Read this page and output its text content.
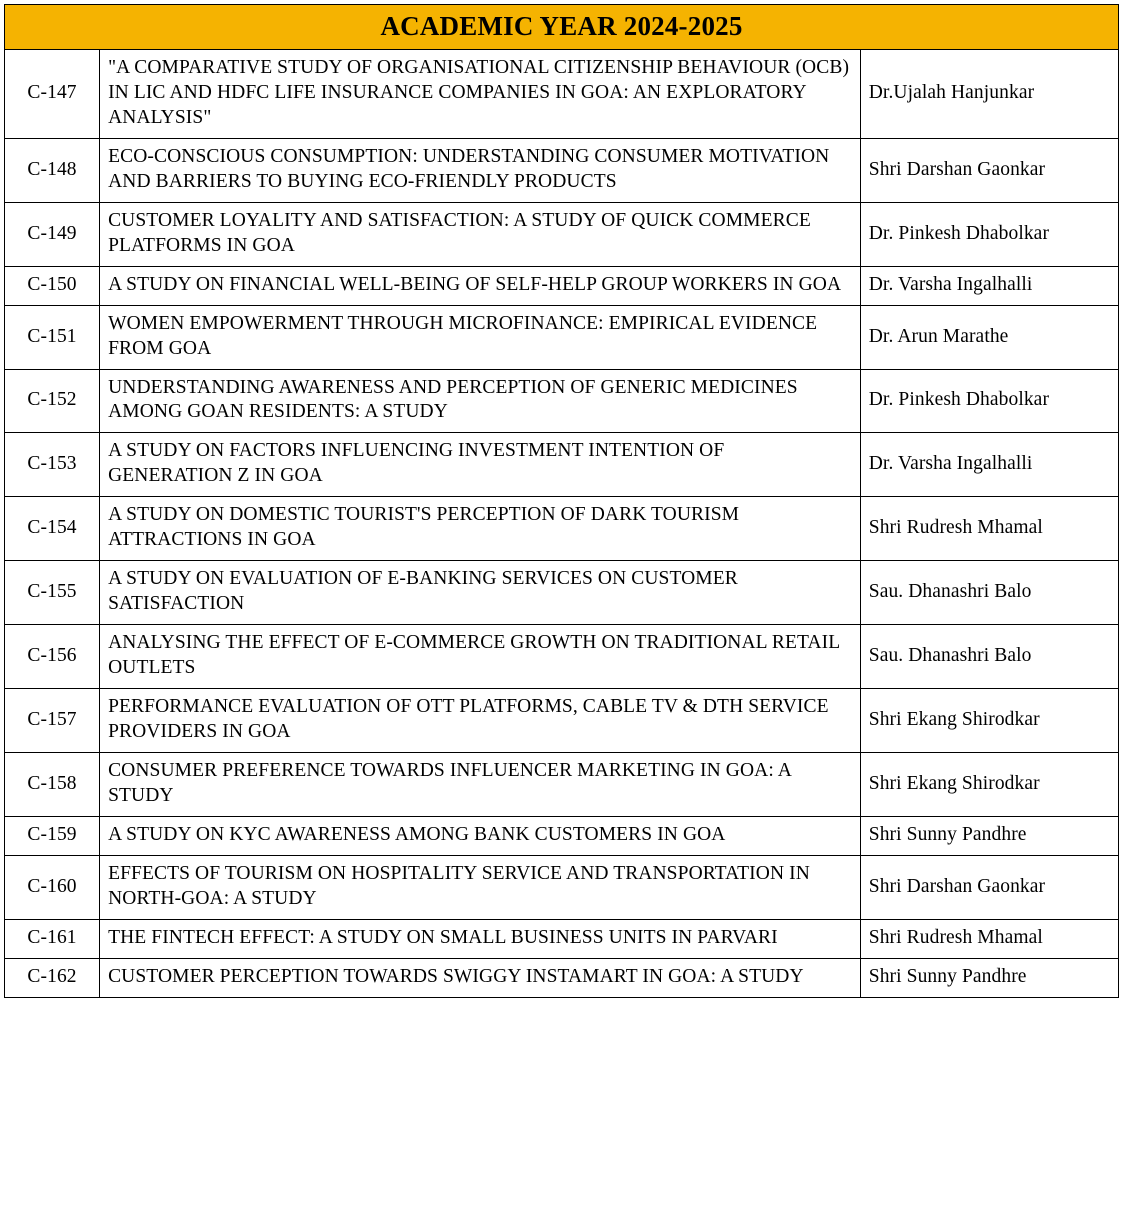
ACADEMIC YEAR 2024-2025		
C-147	"A COMPARATIVE STUDY OF ORGANISATIONAL CITIZENSHIP BEHAVIOUR (OCB) IN LIC AND HDFC LIFE INSURANCE COMPANIES IN GOA: AN EXPLORATORY ANALYSIS"	Dr.Ujalah Hanjunkar
C-148	ECO-CONSCIOUS CONSUMPTION: UNDERSTANDING CONSUMER MOTIVATION AND BARRIERS TO BUYING ECO-FRIENDLY PRODUCTS	Shri Darshan Gaonkar
C-149	CUSTOMER LOYALITY AND SATISFACTION: A STUDY OF QUICK COMMERCE PLATFORMS IN GOA	Dr. Pinkesh Dhabolkar
C-150	A STUDY ON FINANCIAL WELL-BEING OF SELF-HELP GROUP WORKERS IN GOA	Dr. Varsha Ingalhalli
C-151	WOMEN EMPOWERMENT THROUGH MICROFINANCE: EMPIRICAL EVIDENCE FROM GOA	Dr. Arun Marathe
C-152	UNDERSTANDING AWARENESS AND PERCEPTION OF GENERIC MEDICINES AMONG GOAN RESIDENTS: A STUDY	Dr. Pinkesh Dhabolkar
C-153	A STUDY ON FACTORS INFLUENCING INVESTMENT INTENTION OF GENERATION Z IN GOA	Dr. Varsha Ingalhalli
C-154	A STUDY ON DOMESTIC TOURIST'S PERCEPTION OF DARK TOURISM ATTRACTIONS IN GOA	Shri Rudresh Mhamal
C-155	A STUDY ON EVALUATION OF E-BANKING SERVICES ON CUSTOMER SATISFACTION	Sau. Dhanashri Balo
C-156	ANALYSING THE EFFECT OF E-COMMERCE GROWTH ON TRADITIONAL RETAIL OUTLETS	Sau. Dhanashri Balo
C-157	PERFORMANCE EVALUATION OF OTT PLATFORMS, CABLE TV & DTH SERVICE PROVIDERS IN GOA	Shri Ekang Shirodkar
C-158	CONSUMER PREFERENCE TOWARDS INFLUENCER MARKETING IN GOA: A STUDY	Shri Ekang Shirodkar
C-159	A STUDY ON KYC AWARENESS AMONG BANK CUSTOMERS IN GOA	Shri Sunny Pandhre
C-160	EFFECTS OF TOURISM ON HOSPITALITY SERVICE AND TRANSPORTATION IN NORTH-GOA: A STUDY	Shri Darshan Gaonkar
C-161	THE FINTECH EFFECT: A STUDY ON SMALL BUSINESS UNITS IN PARVARI	Shri Rudresh Mhamal
C-162	CUSTOMER PERCEPTION TOWARDS SWIGGY INSTAMART IN GOA: A STUDY	Shri Sunny Pandhre
